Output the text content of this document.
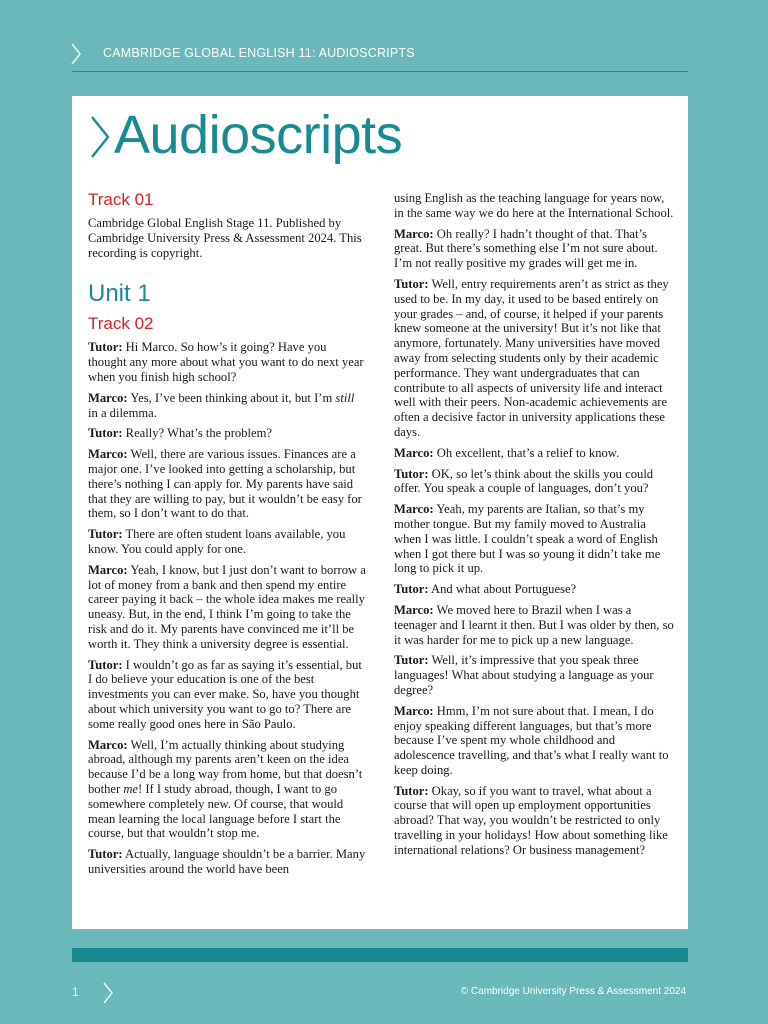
CAMBRIDGE GLOBAL ENGLISH 11: AUDIOSCRIPTS
Audioscripts
Track 01

Cambridge Global English Stage 11. Published by Cambridge University Press & Assessment 2024. This recording is copyright.

Unit 1
Track 02

Tutor: Hi Marco. So how’s it going? Have you thought any more about what you want to do next year when you finish high school?

Marco: Yes, I’ve been thinking about it, but I’m still in a dilemma.

Tutor: Really? What’s the problem?

Marco: Well, there are various issues. Finances are a major one. I’ve looked into getting a scholarship, but there’s nothing I can apply for. My parents have said that they are willing to pay, but it wouldn’t be easy for them, so I don’t want to do that.

Tutor: There are often student loans available, you know. You could apply for one.

Marco: Yeah, I know, but I just don’t want to borrow a lot of money from a bank and then spend my entire career paying it back – the whole idea makes me really uneasy. But, in the end, I think I’m going to take the risk and do it. My parents have convinced me it’ll be worth it. They think a university degree is essential.

Tutor: I wouldn’t go as far as saying it’s essential, but I do believe your education is one of the best investments you can ever make. So, have you thought about which university you want to go to? There are some really good ones here in São Paulo.

Marco: Well, I’m actually thinking about studying abroad, although my parents aren’t keen on the idea because I’d be a long way from home, but that doesn’t bother me! If I study abroad, though, I want to go somewhere completely new. Of course, that would mean learning the local language before I start the course, but that wouldn’t stop me.

Tutor: Actually, language shouldn’t be a barrier. Many universities around the world have been

using English as the teaching language for years now, in the same way we do here at the International School.

Marco: Oh really? I hadn’t thought of that. That’s great. But there’s something else I’m not sure about. I’m not really positive my grades will get me in.

Tutor: Well, entry requirements aren’t as strict as they used to be. In my day, it used to be based entirely on your grades – and, of course, it helped if your parents knew someone at the university! But it’s not like that anymore, fortunately. Many universities have moved away from selecting students only by their academic performance. They want undergraduates that can contribute to all aspects of university life and interact well with their peers. Non-academic achievements are often a decisive factor in university applications these days.

Marco: Oh excellent, that’s a relief to know.

Tutor: OK, so let’s think about the skills you could offer. You speak a couple of languages, don’t you?

Marco: Yeah, my parents are Italian, so that’s my mother tongue. But my family moved to Australia when I was little. I couldn’t speak a word of English when I got there but I was so young it didn’t take me long to pick it up.

Tutor: And what about Portuguese?

Marco: We moved here to Brazil when I was a teenager and I learnt it then. But I was older by then, so it was harder for me to pick up a new language.

Tutor: Well, it’s impressive that you speak three languages! What about studying a language as your degree?

Marco: Hmm, I’m not sure about that. I mean, I do enjoy speaking different languages, but that’s more because I’ve spent my whole childhood and adolescence travelling, and that’s what I really want to keep doing.

Tutor: Okay, so if you want to travel, what about a course that will open up employment opportunities abroad? That way, you wouldn’t be restricted to only travelling in your holidays! How about something like international relations? Or business management?

1	© Cambridge University Press & Assessment 2024
